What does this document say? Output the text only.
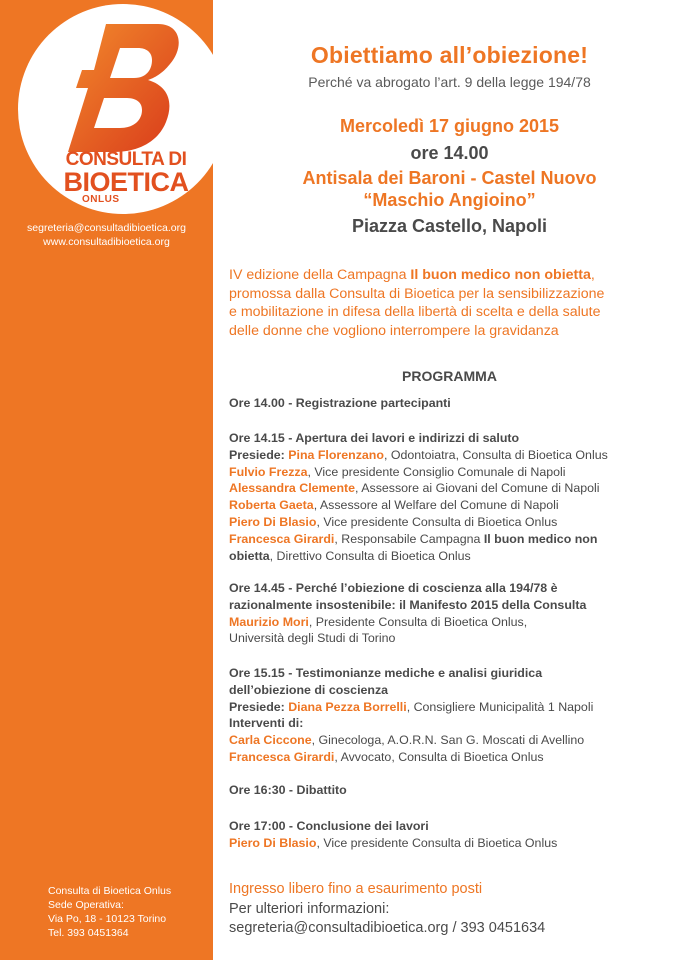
CONSULTA DI
BIOETICA
ONLUS
segreteria@consultadibioetica.org
www.consultadibioetica.org
Consulta di Bioetica Onlus
Sede Operativa:
Via Po, 18 - 10123 Torino
Tel. 393 0451364
Obiettiamo all’obiezione!
Perché va abrogato l’art. 9 della legge 194/78
Mercoledì 17 giugno 2015
ore 14.00
Antisala dei Baroni - Castel Nuovo
“Maschio Angioino”
Piazza Castello, Napoli
IV edizione della Campagna Il buon medico non obietta,
promossa dalla Consulta di Bioetica per la sensibilizzazione
e mobilitazione in difesa della libertà di scelta e della salute
delle donne che vogliono interrompere la gravidanza
PROGRAMMA
Ore 14.00 - Registrazione partecipanti
Ore 14.15 - Apertura dei lavori e indirizzi di saluto
Presiede: Pina Florenzano, Odontoiatra, Consulta di Bioetica Onlus
Fulvio Frezza, Vice presidente Consiglio Comunale di Napoli
Alessandra Clemente, Assessore ai Giovani del Comune di Napoli
Roberta Gaeta, Assessore al Welfare del Comune di Napoli
Piero Di Blasio, Vice presidente Consulta di Bioetica Onlus
Francesca Girardi, Responsabile Campagna Il buon medico non
obietta, Direttivo Consulta di Bioetica Onlus
Ore 14.45 - Perché l’obiezione di coscienza alla 194/78 è
razionalmente insostenibile: il Manifesto 2015 della Consulta
Maurizio Mori, Presidente Consulta di Bioetica Onlus,
Università degli Studi di Torino
Ore 15.15 - Testimonianze mediche e analisi giuridica
dell’obiezione di coscienza
Presiede: Diana Pezza Borrelli, Consigliere Municipalità 1 Napoli
Interventi di:
Carla Ciccone, Ginecologa, A.O.R.N. San G. Moscati di Avellino
Francesca Girardi, Avvocato, Consulta di Bioetica Onlus
Ore 16:30 - Dibattito
Ore 17:00 - Conclusione dei lavori
Piero Di Blasio, Vice presidente Consulta di Bioetica Onlus
Ingresso libero fino a esaurimento posti
Per ulteriori informazioni:
segreteria@consultadibioetica.org / 393 0451634
